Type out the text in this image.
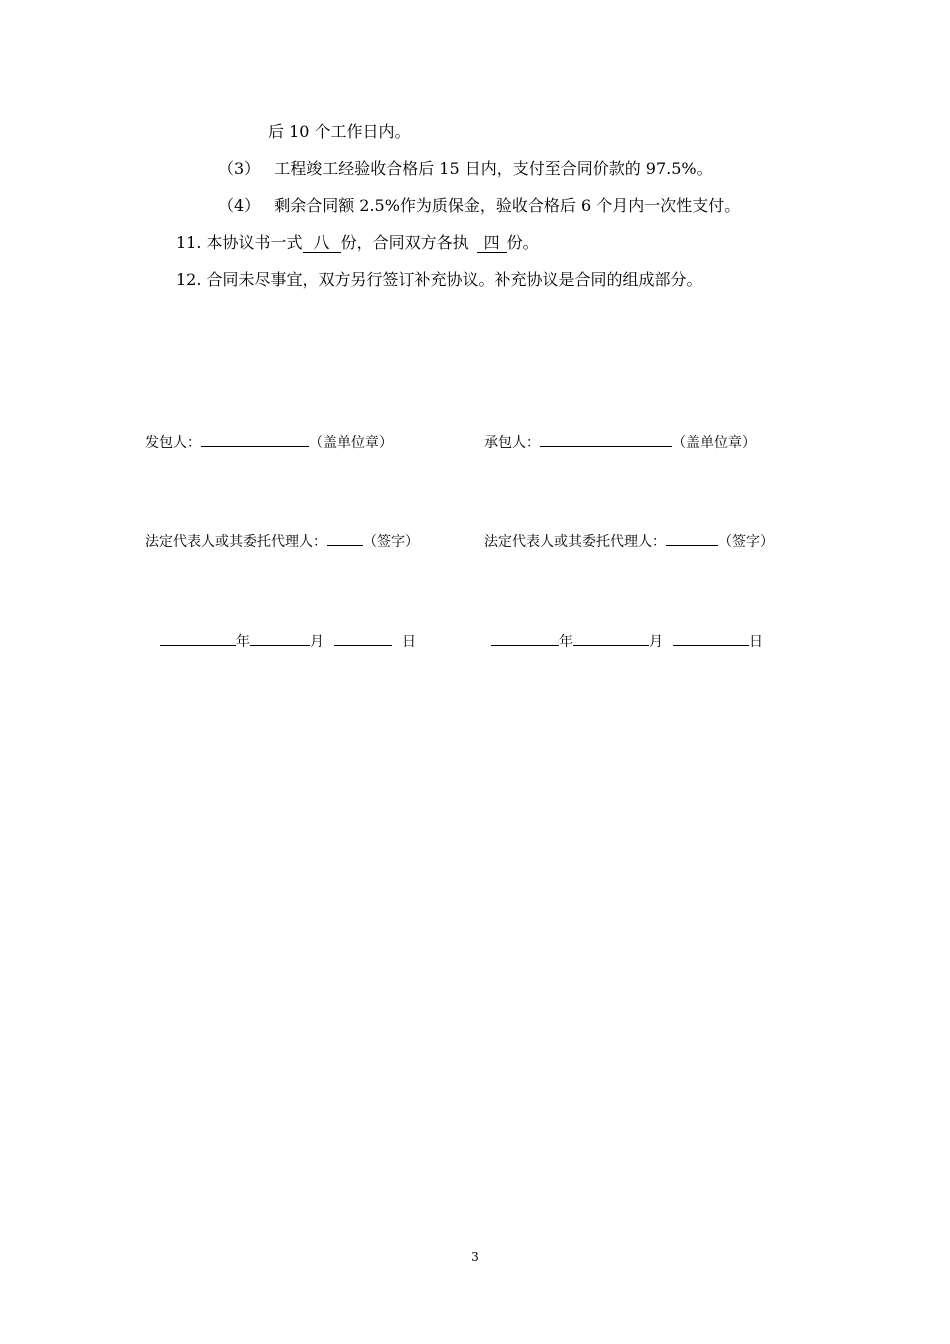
后 10 个工作日内。
（3） 工程竣工经验收合格后 15 日内，支付至合同价款的 97.5%。
（4） 剩余合同额 2.5%作为质保金，验收合格后 6 个月内一次性支付。
11. 本协议书一式 八 份，合同双方各执 四 份。
12. 合同未尽事宜，双方另行签订补充协议。补充协议是合同的组成部分。
发包人：	（盖单位章）	承包人：	（盖单位章）
法定代表人或其委托代理人：	（签字）	法定代表人或其委托代理人：	（签字）
年	月	日	年	月	日
3
